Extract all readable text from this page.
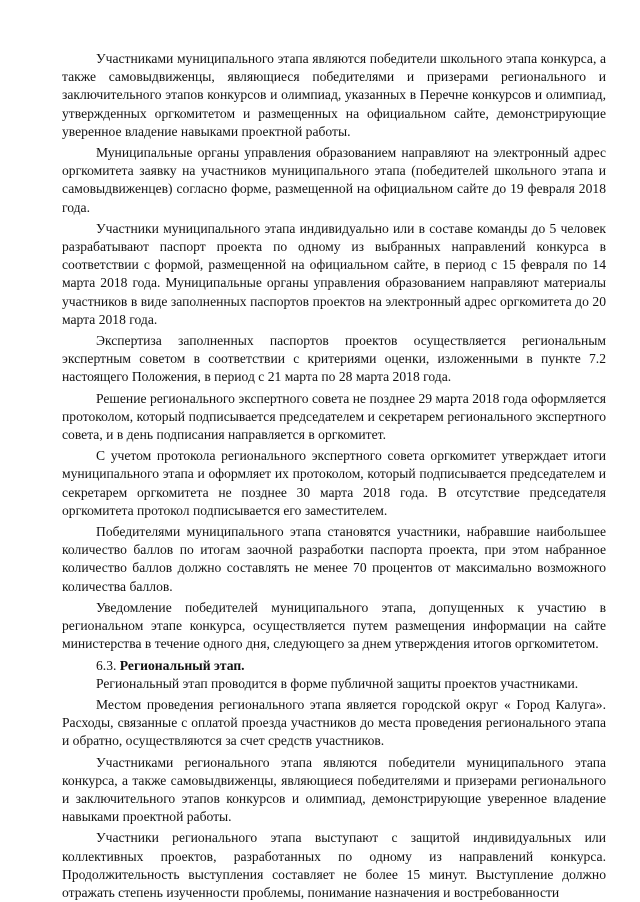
Участниками муниципального этапа являются победители школьного этапа конкурса, а также самовыдвиженцы, являющиеся победителями и призерами регионального и заключительного этапов конкурсов и олимпиад, указанных в Перечне конкурсов и олимпиад, утвержденных оргкомитетом и размещенных на официальном сайте, демонстрирующие уверенное владение навыками проектной работы.

Муниципальные органы управления образованием направляют на электронный адрес оргкомитета заявку на участников муниципального этапа (победителей школьного этапа и самовыдвиженцев) согласно форме, размещенной на официальном сайте до 19 февраля 2018 года.

Участники муниципального этапа индивидуально или в составе команды до 5 человек разрабатывают паспорт проекта по одному из выбранных направлений конкурса в соответствии с формой, размещенной на официальном сайте, в период с 15 февраля по 14 марта 2018 года. Муниципальные органы управления образованием направляют материалы участников в виде заполненных паспортов проектов на электронный адрес оргкомитета до 20 марта 2018 года.

Экспертиза заполненных паспортов проектов осуществляется региональным экспертным советом в соответствии с критериями оценки, изложенными в пункте 7.2 настоящего Положения, в период с 21 марта по 28 марта 2018 года.

Решение регионального экспертного совета не позднее 29 марта 2018 года оформляется протоколом, который подписывается председателем и секретарем регионального экспертного совета, и в день подписания направляется в оргкомитет.

С учетом протокола регионального экспертного совета оргкомитет утверждает итоги муниципального этапа и оформляет их протоколом, который подписывается председателем и секретарем оргкомитета не позднее 30 марта 2018 года. В отсутствие председателя оргкомитета протокол подписывается его заместителем.

Победителями муниципального этапа становятся участники, набравшие наибольшее количество баллов по итогам заочной разработки паспорта проекта, при этом набранное количество баллов должно составлять не менее 70 процентов от максимально возможного количества баллов.

Уведомление победителей муниципального этапа, допущенных к участию в региональном этапе конкурса, осуществляется путем размещения информации на сайте министерства в течение одного дня, следующего за днем утверждения итогов оргкомитетом.

6.3. Региональный этап.

Региональный этап проводится в форме публичной защиты проектов участниками.

Местом проведения регионального этапа является городской округ « Город Калуга». Расходы, связанные с оплатой проезда участников до места проведения регионального этапа и обратно, осуществляются за счет средств участников.

Участниками регионального этапа являются победители муниципального этапа конкурса, а также самовыдвиженцы, являющиеся победителями и призерами регионального и заключительного этапов конкурсов и олимпиад, демонстрирующие уверенное владение навыками проектной работы.

Участники регионального этапа выступают с защитой индивидуальных или коллективных проектов, разработанных по одному из направлений конкурса. Продолжительность выступления составляет не более 15 минут. Выступление должно отражать степень изученности проблемы, понимание назначения и востребованности
